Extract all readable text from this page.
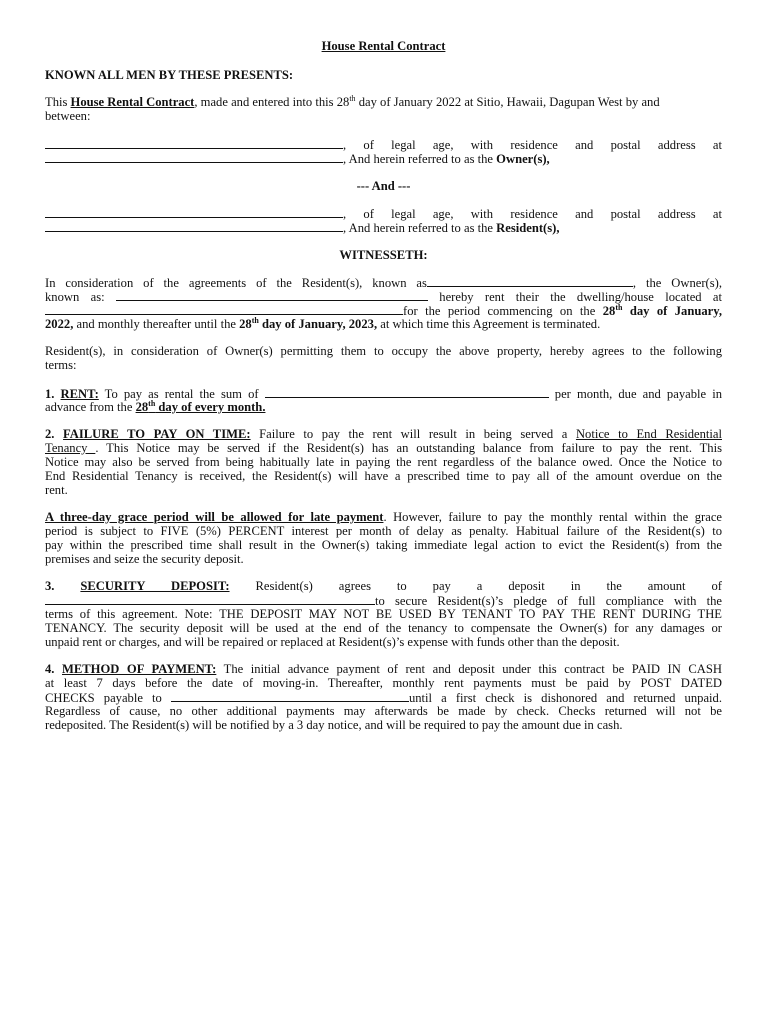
House Rental Contract
KNOWN ALL MEN BY THESE PRESENTS:
This House Rental Contract, made and entered into this 28th day of January 2022 at Sitio, Hawaii, Dagupan West by and
between:
, of legal age, with residence and postal address at
, And herein referred to as the Owner(s),
--- And ---
, of legal age, with residence and postal address at
, And herein referred to as the Resident(s),
WITNESSETH:
In consideration of the agreements of the Resident(s), known as	, the Owner(s),
known as:	hereby rent their the dwelling/house located at
for the period commencing on the 28th day of January,
2022, and monthly thereafter until the 28th day of January, 2023, at which time this Agreement is terminated.
Resident(s), in consideration of Owner(s) permitting them to occupy the above property, hereby agrees to the following
terms:
1. RENT: To pay as rental the sum of	per month, due and payable in
advance from the 28th day of every month.
2. FAILURE TO PAY ON TIME: Failure to pay the rent will result in being served a Notice to End Residential
Tenancy . This Notice may be served if the Resident(s) has an outstanding balance from failure to pay the rent. This
Notice may also be served from being habitually late in paying the rent regardless of the balance owed. Once the Notice to
End Residential Tenancy is received, the Resident(s) will have a prescribed time to pay all of the amount overdue on the
rent.
A three-day grace period will be allowed for late payment. However, failure to pay the monthly rental within the grace
period is subject to FIVE (5%) PERCENT interest per month of delay as penalty. Habitual failure of the Resident(s) to
pay within the prescribed time shall result in the Owner(s) taking immediate legal action to evict the Resident(s) from the
premises and seize the security deposit.
3. SECURITY DEPOSIT: Resident(s) agrees to pay a deposit in the amount of
to secure Resident(s)’s pledge of full compliance with the
terms of this agreement. Note: THE DEPOSIT MAY NOT BE USED BY TENANT TO PAY THE RENT DURING THE
TENANCY. The security deposit will be used at the end of the tenancy to compensate the Owner(s) for any damages or
unpaid rent or charges, and will be repaired or replaced at Resident(s)’s expense with funds other than the deposit.
4. METHOD OF PAYMENT: The initial advance payment of rent and deposit under this contract be PAID IN CASH
at least 7 days before the date of moving-in. Thereafter, monthly rent payments must be paid by POST DATED
CHECKS payable to	until a first check is dishonored and returned unpaid.
Regardless of cause, no other additional payments may afterwards be made by check. Checks returned will not be
redeposited. The Resident(s) will be notified by a 3 day notice, and will be required to pay the amount due in cash.
